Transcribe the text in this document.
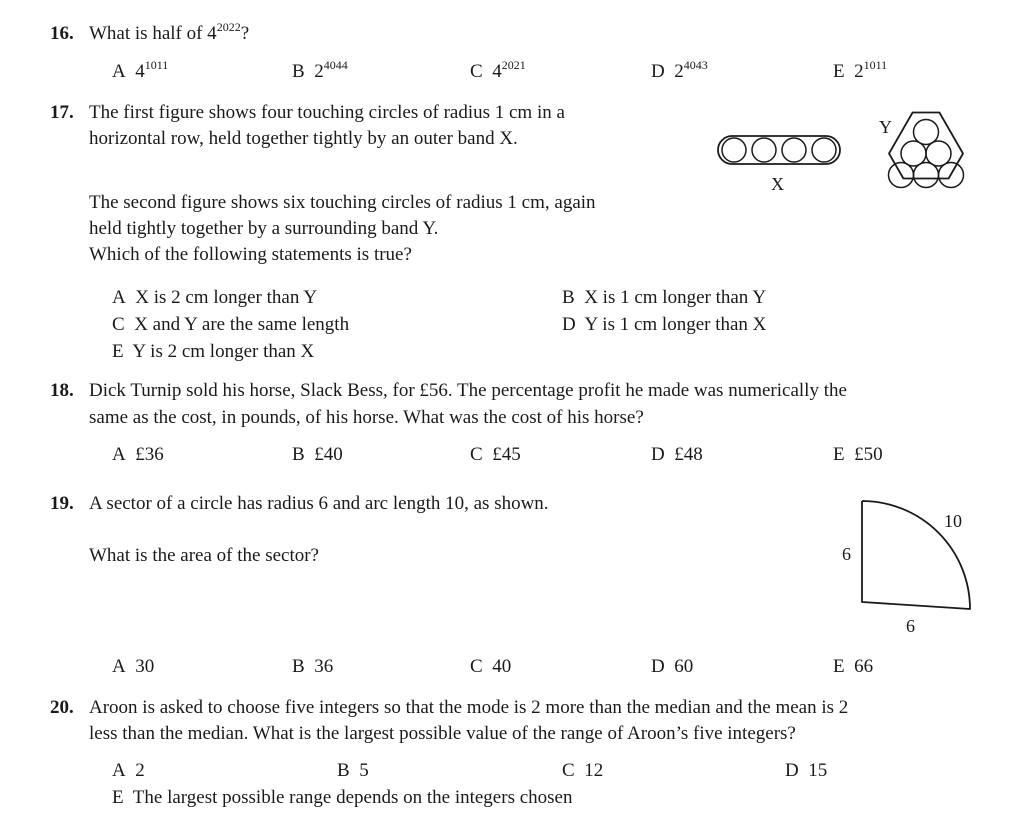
16. What is half of $4^{2022}$?
A $4^{1011}$	B $2^{4044}$	C $4^{2021}$	D $2^{4043}$	E $2^{1011}$
17. The first figure shows four touching circles of radius 1 cm in a
horizontal row, held together tightly by an outer band X.
The second figure shows six touching circles of radius 1 cm, again
held tightly together by a surrounding band Y.
Which of the following statements is true?
X
Y
A X is 2 cm longer than Y	B X is 1 cm longer than Y
C X and Y are the same length	D Y is 1 cm longer than X
E Y is 2 cm longer than X
18. Dick Turnip sold his horse, Slack Bess, for £56. The percentage profit he made was numerically the
same as the cost, in pounds, of his horse. What was the cost of his horse?
A £36	B £40	C £45	D £48	E £50
19. A sector of a circle has radius 6 and arc length 10, as shown.
What is the area of the sector?
10
6
6
A 30	B 36	C 40	D 60	E 66
20. Aroon is asked to choose five integers so that the mode is 2 more than the median and the mean is 2
less than the median. What is the largest possible value of the range of Aroon’s five integers?
A 2	B 5	C 12	D 15
E The largest possible range depends on the integers chosen
